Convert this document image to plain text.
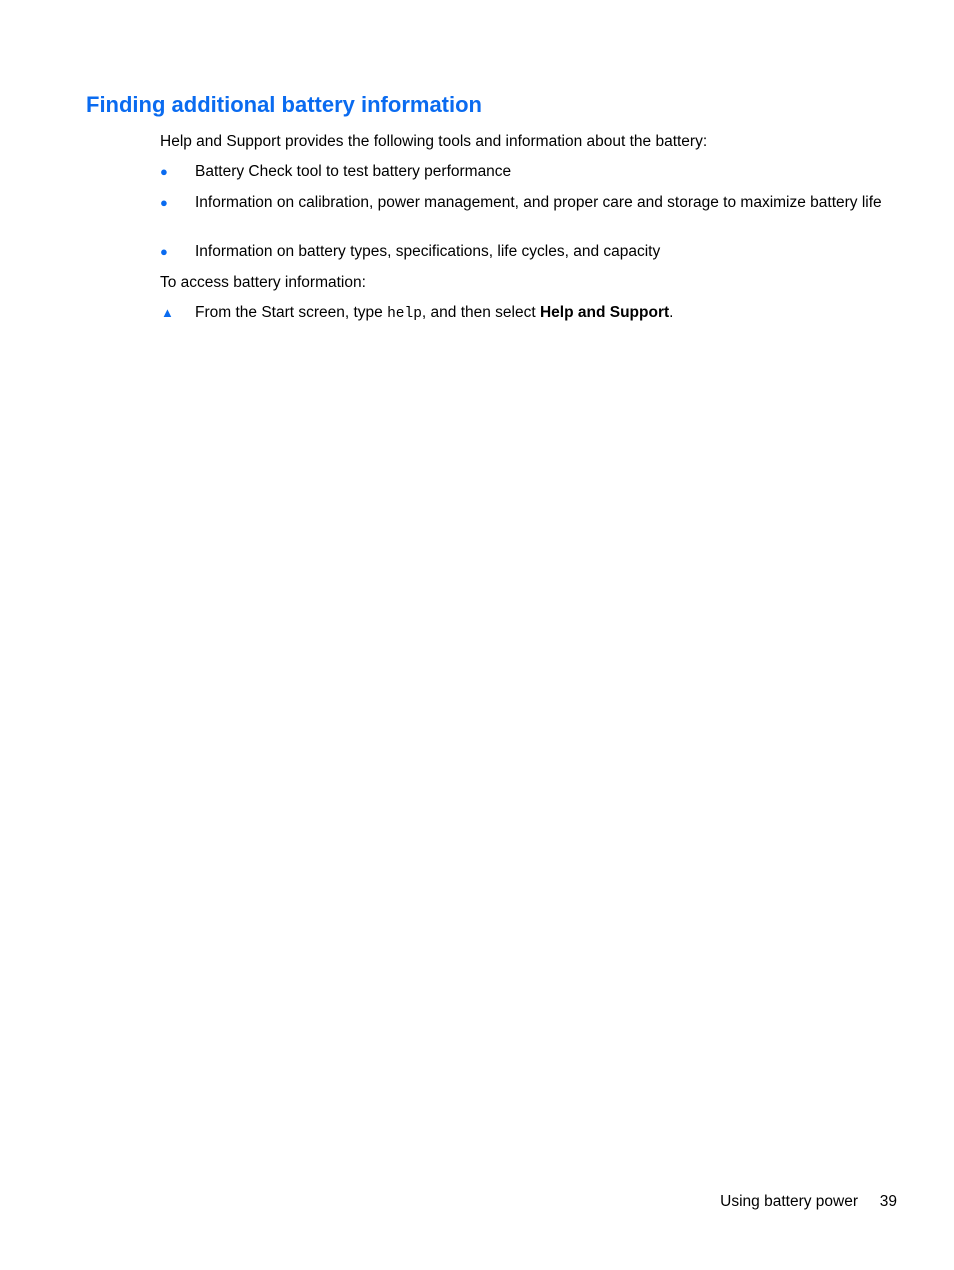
Finding additional battery information

Help and Support provides the following tools and information about the battery:

●	Battery Check tool to test battery performance

●	Information on calibration, power management, and proper care and storage to maximize battery life

●	Information on battery types, specifications, life cycles, and capacity

To access battery information:

▲ From the Start screen, type help, and then select Help and Support.

Using battery power 39
